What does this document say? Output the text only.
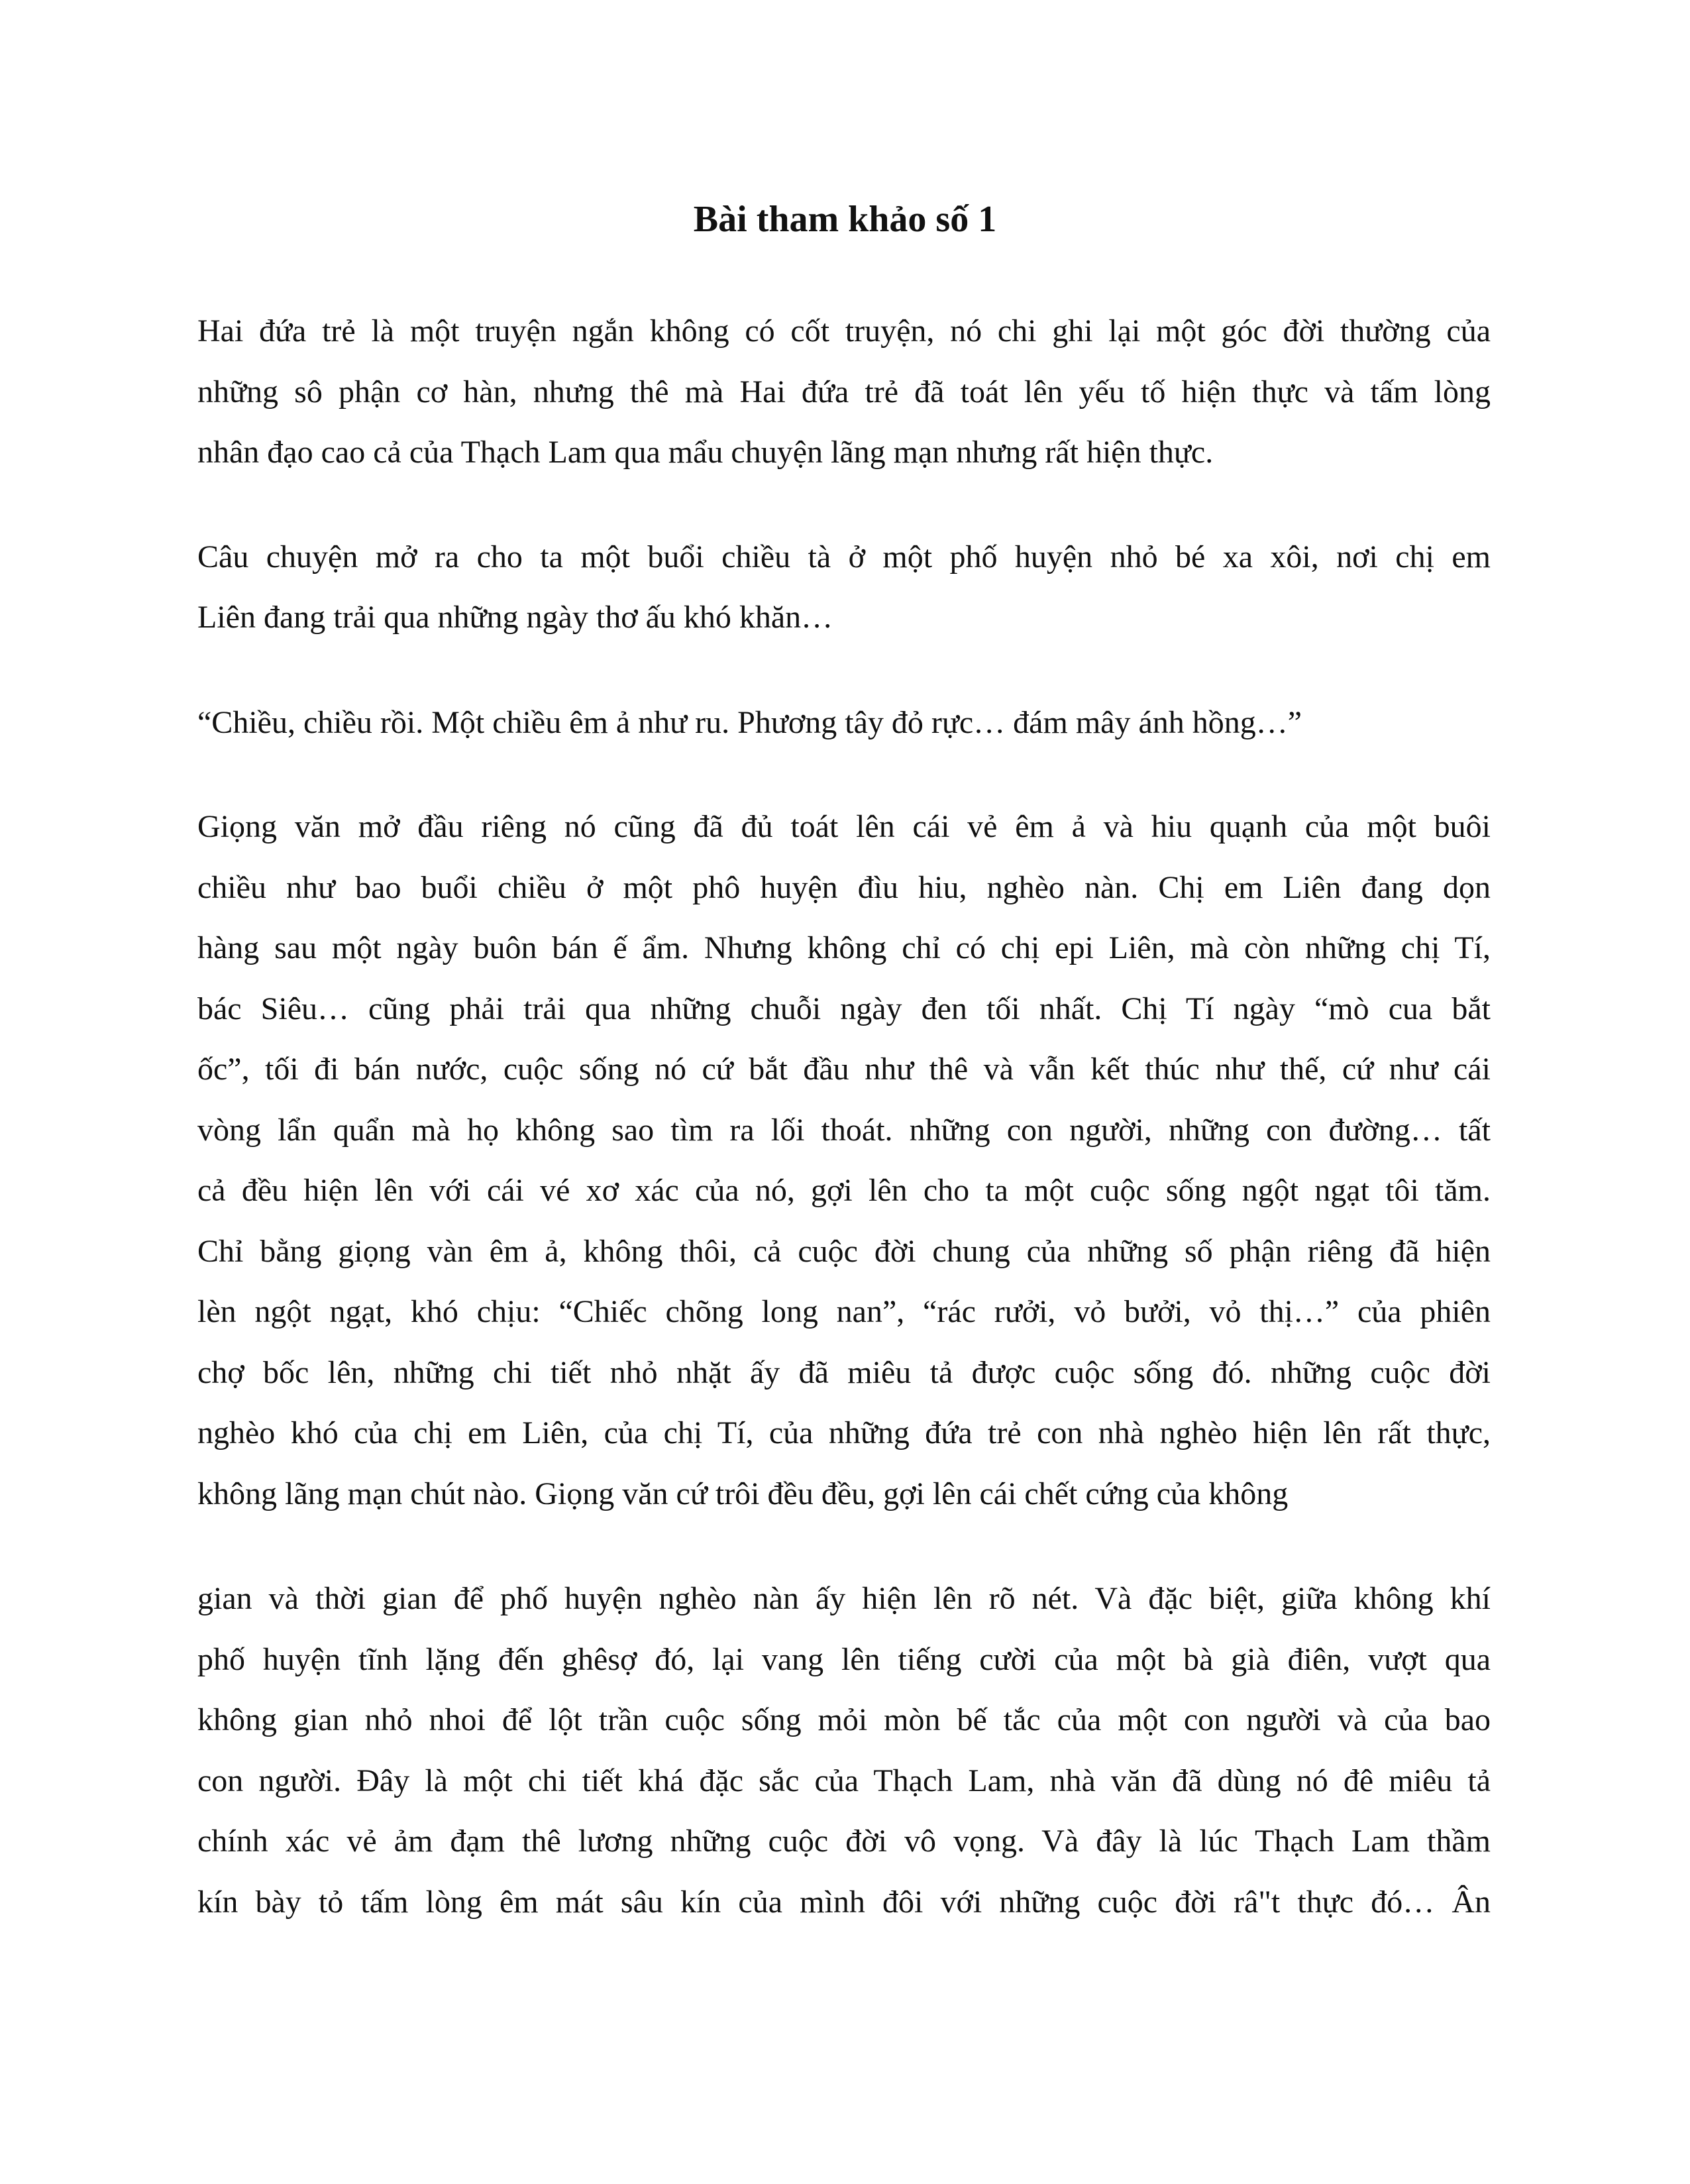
Bài tham khảo số 1

Hai đứa trẻ là một truyện ngắn không có cốt truyện, nó chi ghi lại một góc đời thường của

những sô phận cơ hàn, nhưng thê mà Hai đứa trẻ đã toát lên yếu tố hiện thực và tấm lòng

nhân đạo cao cả của Thạch Lam qua mẩu chuyện lãng mạn nhưng rất hiện thực.

Câu chuyện mở ra cho ta một buổi chiều tà ở một phố huyện nhỏ bé xa xôi, nơi chị em

Liên đang trải qua những ngày thơ ấu khó khăn…

“Chiều, chiều rồi. Một chiều êm ả như ru. Phương tây đỏ rực… đám mây ánh hồng…”

Giọng văn mở đầu riêng nó cũng đã đủ toát lên cái vẻ êm ả và hiu quạnh của một buôi

chiều như bao buổi chiều ở một phô huyện đìu hiu, nghèo nàn. Chị em Liên đang dọn

hàng sau một ngày buôn bán ế ẩm. Nhưng không chỉ có chị epi Liên, mà còn những chị Tí,

bác Siêu… cũng phải trải qua những chuỗi ngày đen tối nhất. Chị Tí ngày “mò cua bắt

ốc”, tối đi bán nước, cuộc sống nó cứ bắt đầu như thê và vẫn kết thúc như thế, cứ như cái

vòng lẩn quẩn mà họ không sao tìm ra lối thoát. những con người, những con đường… tất

cả đều hiện lên với cái vé xơ xác của nó, gợi lên cho ta một cuộc sống ngột ngạt tôi tăm.

Chỉ bằng giọng vàn êm ả, không thôi, cả cuộc đời chung của những số phận riêng đã hiện

lèn ngột ngạt, khó chịu: “Chiếc chõng long nan”, “rác rưởi, vỏ bưởi, vỏ thị…” của phiên

chợ bốc lên, những chi tiết nhỏ nhặt ấy đã miêu tả được cuộc sống đó. những cuộc đời

nghèo khó của chị em Liên, của chị Tí, của những đứa trẻ con nhà nghèo hiện lên rất thực,

không lãng mạn chút nào. Giọng văn cứ trôi đều đều, gợi lên cái chết cứng của không

gian và thời gian để phố huyện nghèo nàn ấy hiện lên rõ nét. Và đặc biệt, giữa không khí

phố huyện tĩnh lặng đến ghêsợ đó, lại vang lên tiếng cười của một bà già điên, vượt qua

không gian nhỏ nhoi để lột trần cuộc sống mỏi mòn bế tắc của một con người và của bao

con người. Đây là một chi tiết khá đặc sắc của Thạch Lam, nhà văn đã dùng nó đê miêu tả

chính xác vẻ ảm đạm thê lương những cuộc đời vô vọng. Và đây là lúc Thạch Lam thầm

kín bày tỏ tấm lòng êm mát sâu kín của mình đôi với những cuộc đời râ"t thực đó… Ân
